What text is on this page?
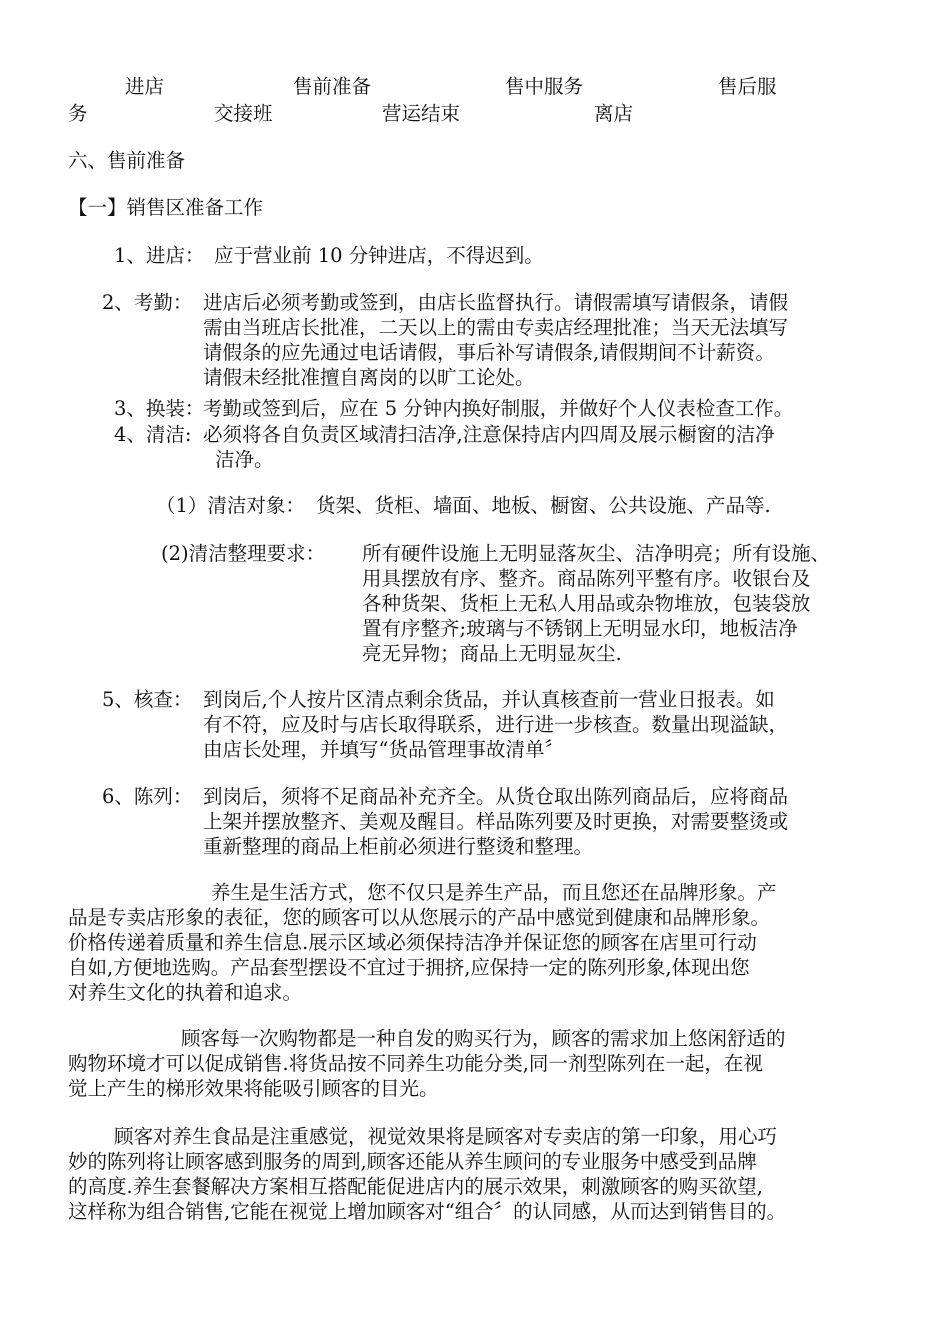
进店	售前准备	售中服务	售后服
务	交接班	营运结束	离店
六、售前准备
【一】销售区准备工作
1、进店： 应于营业前 10 分钟进店，不得迟到。
2、考勤： 进店后必须考勤或签到，由店长监督执行。请假需填写请假条，请假
需由当班店长批准，二天以上的需由专卖店经理批准；当天无法填写
请假条的应先通过电话请假，事后补写请假条,请假期间不计薪资。
请假未经批准擅自离岗的以旷工论处。
3、换装：
考勤或签到后，应在 5 分钟内换好制服，并做好个人仪表检查工作。
4、清洁: 必须将各自负责区域清扫洁净,注意保持店内四周及展示橱窗的洁净
洁净。
（1）清洁对象： 货架、货柜、墙面、地板、橱窗、公共设施、产品等.
(2)清洁整理要求： 所有硬件设施上无明显落灰尘、洁净明亮；所有设施、
用具摆放有序、整齐。商品陈列平整有序。收银台及
各种货架、货柜上无私人用品或杂物堆放，包装袋放
置有序整齐;玻璃与不锈钢上无明显水印，地板洁净
亮无异物；商品上无明显灰尘.
5、核查： 到岗后,个人按片区清点剩余货品，并认真核查前一营业日报表。如
有不符，应及时与店长取得联系，进行进一步核查。数量出现溢缺，
由店长处理，并填写“货品管理事故清单〞
6、陈列： 到岗后，须将不足商品补充齐全。从货仓取出陈列商品后，应将商品
上架并摆放整齐、美观及醒目。样品陈列要及时更换，对需要整烫或
重新整理的商品上柜前必须进行整烫和整理。
养生是生活方式，您不仅只是养生产品，而且您还在品牌形象。产
品是专卖店形象的表征，您的顾客可以从您展示的产品中感觉到健康和品牌形象。
价格传递着质量和养生信息.展示区域必须保持洁净并保证您的顾客在店里可行动
自如,方便地选购。产品套型摆设不宜过于拥挤,应保持一定的陈列形象,体现出您
对养生文化的执着和追求。
顾客每一次购物都是一种自发的购买行为，顾客的需求加上悠闲舒适的
购物环境才可以促成销售.将货品按不同养生功能分类,同一剂型陈列在一起，在视
觉上产生的梯形效果将能吸引顾客的目光。
顾客对养生食品是注重感觉，视觉效果将是顾客对专卖店的第一印象，用心巧
妙的陈列将让顾客感到服务的周到,顾客还能从养生顾问的专业服务中感受到品牌
的高度.养生套餐解决方案相互搭配能促进店内的展示效果，刺激顾客的购买欲望,
这样称为组合销售,它能在视觉上增加顾客对“组合〞的认同感，从而达到销售目的。
